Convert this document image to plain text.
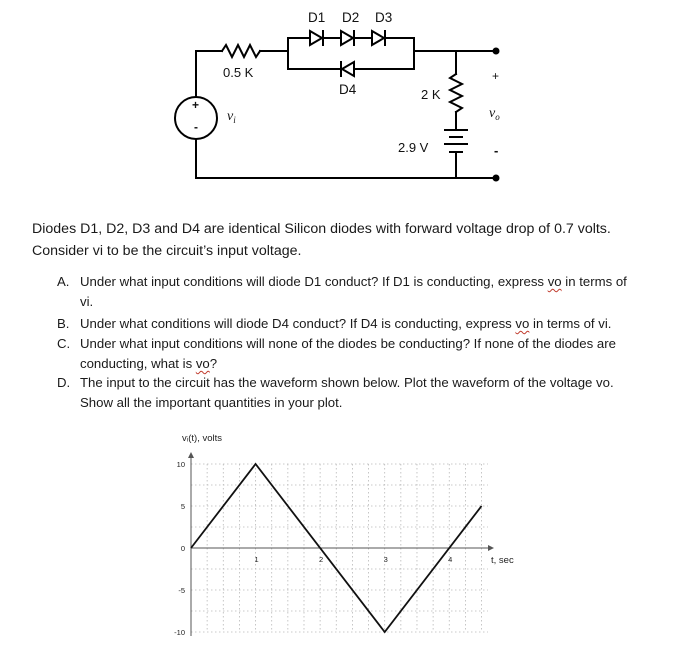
+
-
D1 D2 D3
D4
0.5 K
2 K
2.9 V
$v_i$	$v_o$
+
-
Diodes D1, D2, D3 and D4 are identical Silicon diodes with forward voltage drop of 0.7 volts.
Consider vi to be the circuit’s input voltage.
A. Under what input conditions will diode D1 conduct? If D1 is conducting, express vo in terms of
vi.
B. Under what conditions will diode D4 conduct? If D4 is conducting, express vo in terms of vi.
C. Under what input conditions will none of the diodes be conducting? If none of the diodes are
conducting, what is vo?
D. The input to the circuit has the waveform shown below. Plot the waveform of the voltage vo.
Show all the important quantities in your plot.
10
5
0
-5
-10
1	2	3	4
vᵢ(t), volts
t, sec
